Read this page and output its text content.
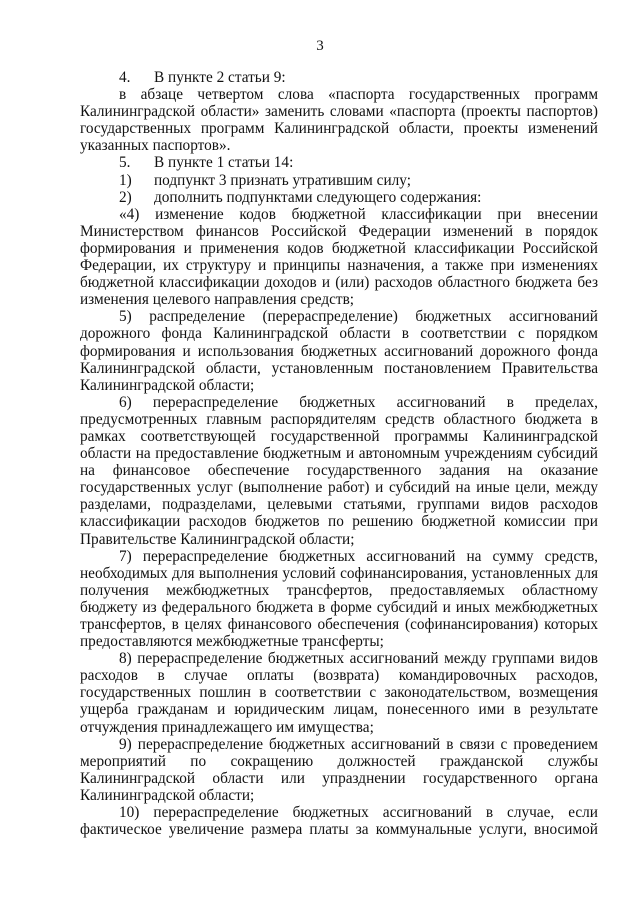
3
4.	В пункте 2 статьи 9:

в абзаце четвертом слова «паспорта государственных программ Калининградской области» заменить словами «паспорта (проекты паспортов) государственных программ Калининградской области, проекты изменений указанных паспортов».

5.	В пункте 1 статьи 14:
1)	подпункт 3 признать утратившим силу;
2)	дополнить подпунктами следующего содержания:

«4) изменение кодов бюджетной классификации при внесении Министерством финансов Российской Федерации изменений в порядок формирования и применения кодов бюджетной классификации Российской Федерации, их структуру и принципы назначения, а также при изменениях бюджетной классификации доходов и (или) расходов областного бюджета без изменения целевого направления средств;

5) распределение (перераспределение) бюджетных ассигнований дорожного фонда Калининградской области в соответствии с порядком формирования и использования бюджетных ассигнований дорожного фонда Калининградской области, установленным постановлением Правительства Калининградской области;

6) перераспределение бюджетных ассигнований в пределах, предусмотренных главным распорядителям средств областного бюджета в рамках соответствующей государственной программы Калининградской области на предоставление бюджетным и автономным учреждениям субсидий на финансовое обеспечение государственного задания на оказание государственных услуг (выполнение работ) и субсидий на иные цели, между разделами, подразделами, целевыми статьями, группами видов расходов классификации расходов бюджетов по решению бюджетной комиссии при Правительстве Калининградской области;

7) перераспределение бюджетных ассигнований на сумму средств, необходимых для выполнения условий софинансирования, установленных для получения межбюджетных трансфертов, предоставляемых областному бюджету из федерального бюджета в форме субсидий и иных межбюджетных трансфертов, в целях финансового обеспечения (софинансирования) которых предоставляются межбюджетные трансферты;

8) перераспределение бюджетных ассигнований между группами видов расходов в случае оплаты (возврата) командировочных расходов, государственных пошлин в соответствии с законодательством, возмещения ущерба гражданам и юридическим лицам, понесенного ими в результате отчуждения принадлежащего им имущества;

9) перераспределение бюджетных ассигнований в связи с проведением мероприятий по сокращению должностей гражданской службы Калининградской области или упразднении государственного органа Калининградской области;

10) перераспределение бюджетных ассигнований в случае, если фактическое увеличение размера платы за коммунальные услуги, вносимой
